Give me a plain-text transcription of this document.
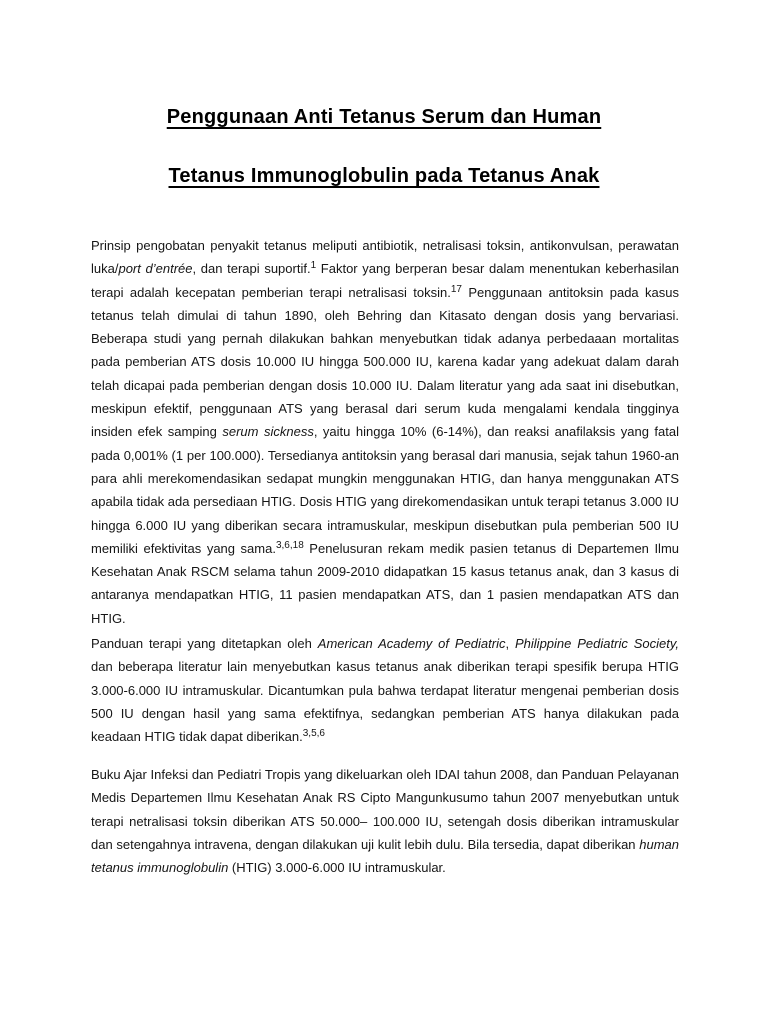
Penggunaan Anti Tetanus Serum dan Human
Tetanus Immunoglobulin pada Tetanus Anak
Prinsip pengobatan penyakit tetanus meliputi antibiotik, netralisasi toksin, antikonvulsan, perawatan luka/port d’entrée, dan terapi suportif.$^1$ Faktor yang berperan besar dalam menentukan keberhasilan terapi adalah kecepatan pemberian terapi netralisasi toksin.$^{17}$ Penggunaan antitoksin pada kasus tetanus telah dimulai di tahun 1890, oleh Behring dan Kitasato dengan dosis yang bervariasi. Beberapa studi yang pernah dilakukan bahkan menyebutkan tidak adanya perbedaaan mortalitas pada pemberian ATS dosis 10.000 IU hingga 500.000 IU, karena kadar yang adekuat dalam darah telah dicapai pada pemberian dengan dosis 10.000 IU. Dalam literatur yang ada saat ini disebutkan, meskipun efektif, penggunaan ATS yang berasal dari serum kuda mengalami kendala tingginya insiden efek samping serum sickness, yaitu hingga 10% (6-14%), dan reaksi anafilaksis yang fatal pada 0,001% (1 per 100.000). Tersedianya antitoksin yang berasal dari manusia, sejak tahun 1960-an para ahli merekomendasikan sedapat mungkin menggunakan HTIG, dan hanya menggunakan ATS apabila tidak ada persediaan HTIG. Dosis HTIG yang direkomendasikan untuk terapi tetanus 3.000 IU hingga 6.000 IU yang diberikan secara intramuskular, meskipun disebutkan pula pemberian 500 IU memiliki efektivitas yang sama.$^{3,6,18}$ Penelusuran rekam medik pasien tetanus di Departemen Ilmu Kesehatan Anak RSCM selama tahun 2009-2010 didapatkan 15 kasus tetanus anak, dan 3 kasus di antaranya mendapatkan HTIG, 11 pasien mendapatkan ATS, dan 1 pasien mendapatkan ATS dan HTIG.
Panduan terapi yang ditetapkan oleh American Academy of Pediatric, Philippine Pediatric Society, dan beberapa literatur lain menyebutkan kasus tetanus anak diberikan terapi spesifik berupa HTIG 3.000-6.000 IU intramuskular. Dicantumkan pula bahwa terdapat literatur mengenai pemberian dosis 500 IU dengan hasil yang sama efektifnya, sedangkan pemberian ATS hanya dilakukan pada keadaan HTIG tidak dapat diberikan.$^{3,5,6}$
Buku Ajar Infeksi dan Pediatri Tropis yang dikeluarkan oleh IDAI tahun 2008, dan Panduan Pelayanan Medis Departemen Ilmu Kesehatan Anak RS Cipto Mangunkusumo tahun 2007 menyebutkan untuk terapi netralisasi toksin diberikan ATS 50.000– 100.000 IU, setengah dosis diberikan intramuskular dan setengahnya intravena, dengan dilakukan uji kulit lebih dulu. Bila tersedia, dapat diberikan human tetanus immunoglobulin (HTIG) 3.000-6.000 IU intramuskular.
